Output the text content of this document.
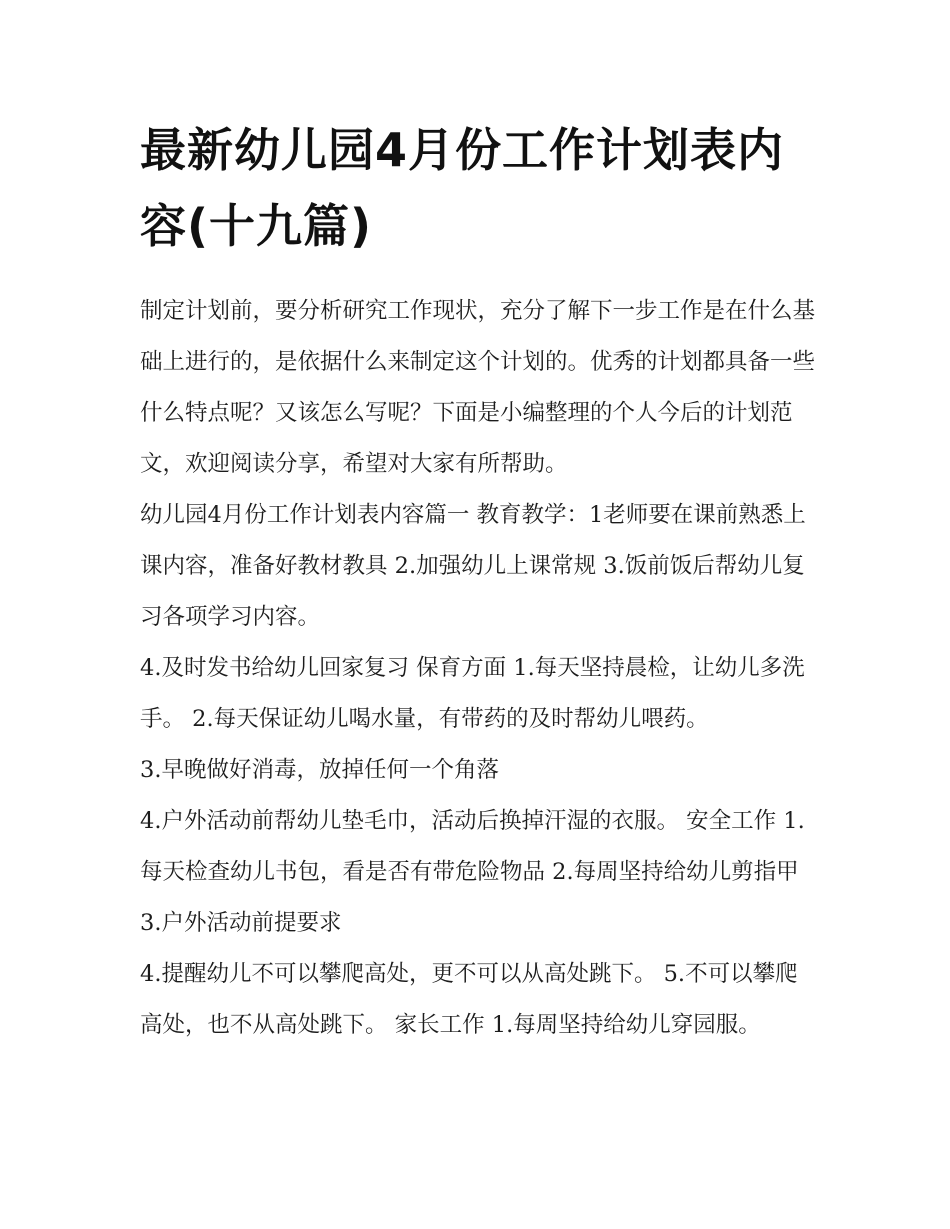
最新幼儿园4月份工作计划表内容(十九篇)

制定计划前，要分析研究工作现状，充分了解下一步工作是在什么基础上进行的，是依据什么来制定这个计划的。优秀的计划都具备一些什么特点呢？又该怎么写呢？下面是小编整理的个人今后的计划范文，欢迎阅读分享，希望对大家有所帮助。

幼儿园4月份工作计划表内容篇一 教育教学：1老师要在课前熟悉上课内容，准备好教材教具 2.加强幼儿上课常规 3.饭前饭后帮幼儿复习各项学习内容。

4.及时发书给幼儿回家复习 保育方面 1.每天坚持晨检，让幼儿多洗手。 2.每天保证幼儿喝水量，有带药的及时帮幼儿喂药。

3.早晚做好消毒，放掉任何一个角落

4.户外活动前帮幼儿垫毛巾，活动后换掉汗湿的衣服。 安全工作 1.每天检查幼儿书包，看是否有带危险物品 2.每周坚持给幼儿剪指甲 3.户外活动前提要求

4.提醒幼儿不可以攀爬高处，更不可以从高处跳下。 5.不可以攀爬高处，也不从高处跳下。 家长工作 1.每周坚持给幼儿穿园服。
